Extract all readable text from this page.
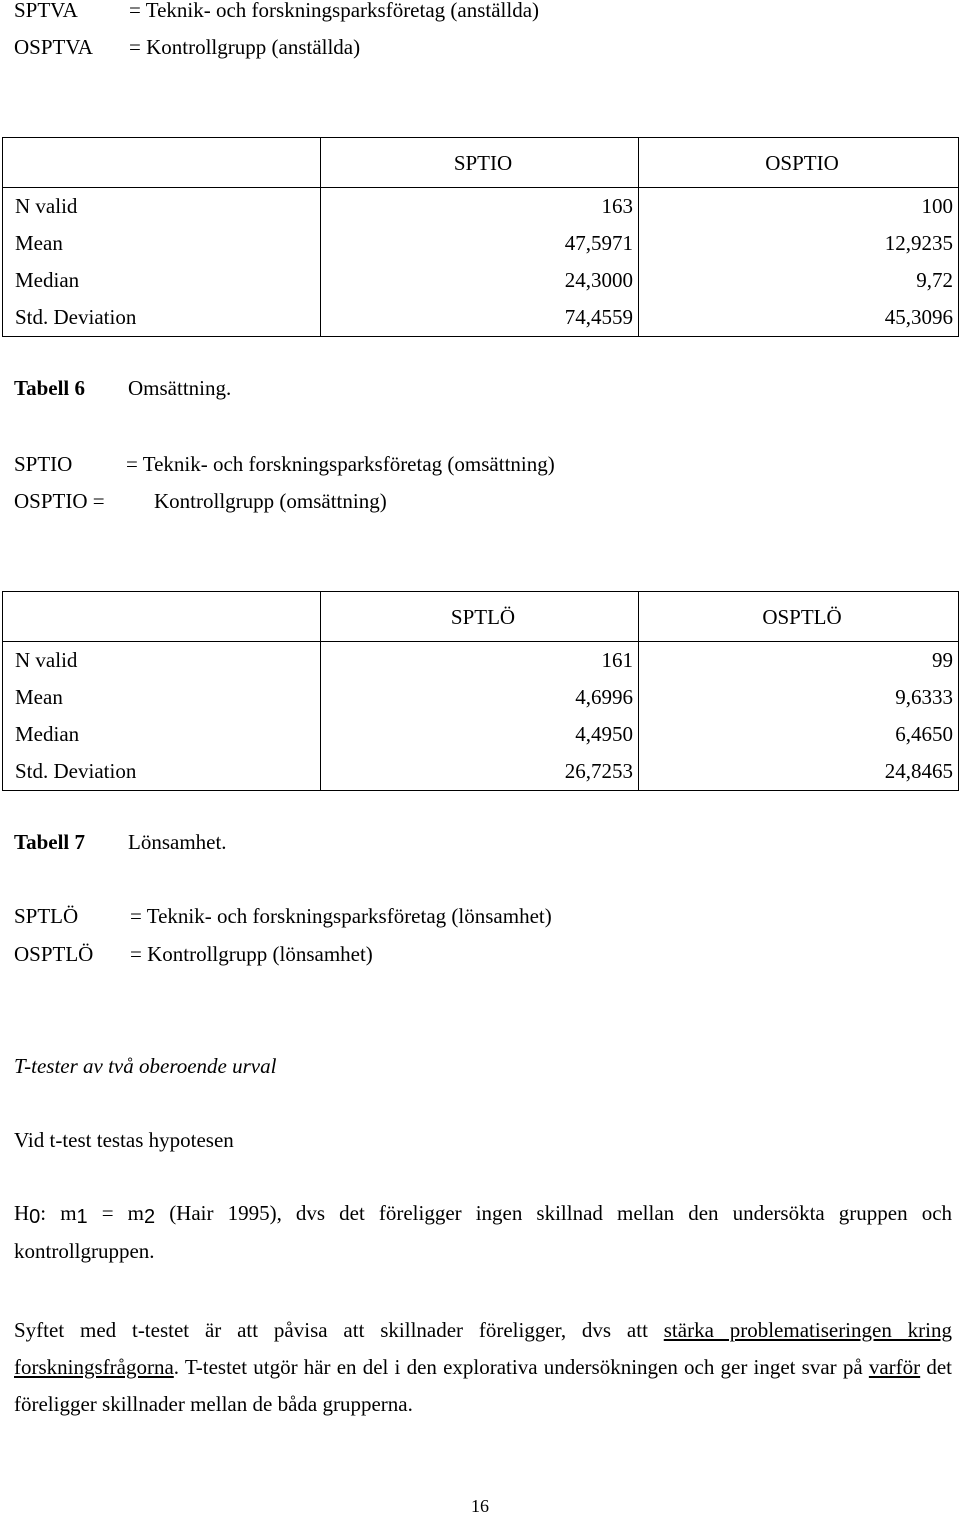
SPTVA = Teknik- och forskningsparksföretag (anställda)
OSPTVA = Kontrollgrupp (anställda)
	SPTIO	OSPTIO
N valid	163	100
Mean	47,5971	12,9235
Median	24,3000	9,72
Std. Deviation	74,4559	45,3096
Tabell 6 Omsättning.
SPTIO	= Teknik- och forskningsparksföretag (omsättning)
OSPTIO = Kontrollgrupp (omsättning)
	SPTLÖ	OSPTLÖ
N valid	161	99
Mean	4,6996	9,6333
Median	4,4950	6,4650
Std. Deviation	26,7253	24,8465
Tabell 7 Lönsamhet.
SPTLÖ = Teknik- och forskningsparksföretag (lönsamhet)
OSPTLÖ = Kontrollgrupp (lönsamhet)
T-tester av två oberoende urval
Vid t-test testas hypotesen
H0: m1 = m2 (Hair 1995), dvs det föreligger ingen skillnad mellan den undersökta gruppen och kontrollgruppen.
Syftet med t-testet är att påvisa att skillnader föreligger, dvs att stärka problematiseringen kring forskningsfrågorna. T-testet utgör här en del i den explorativa undersökningen och ger inget svar på varför det föreligger skillnader mellan de båda grupperna.
16
